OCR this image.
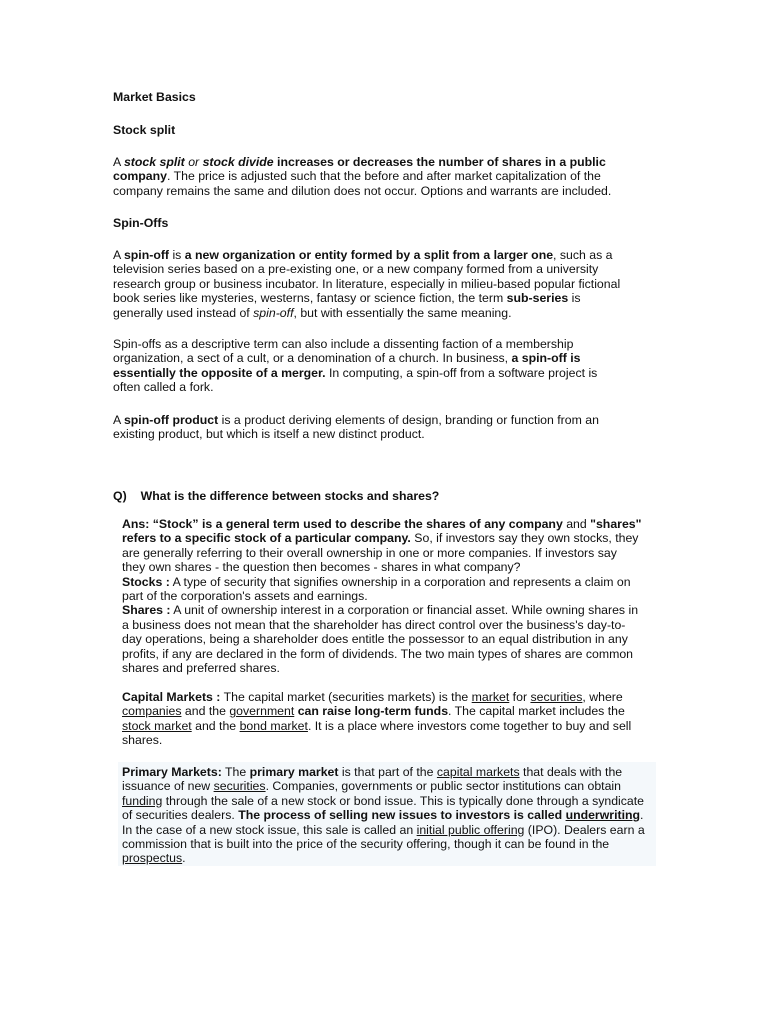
Market Basics
Stock split

A stock split or stock divide increases or decreases the number of shares in a public company. The price is adjusted such that the before and after market capitalization of the company remains the same and dilution does not occur. Options and warrants are included.

Spin-Offs

A spin-off is a new organization or entity formed by a split from a larger one, such as a television series based on a pre-existing one, or a new company formed from a university research group or business incubator. In literature, especially in milieu-based popular fictional book series like mysteries, westerns, fantasy or science fiction, the term sub-series is generally used instead of spin-off, but with essentially the same meaning.

Spin-offs as a descriptive term can also include a dissenting faction of a membership organization, a sect of a cult, or a denomination of a church. In business, a spin-off is essentially the opposite of a merger. In computing, a spin-off from a software project is often called a fork.

A spin-off product is a product deriving elements of design, branding or function from an existing product, but which is itself a new distinct product.

Q) What is the difference between stocks and shares?
Ans: “Stock” is a general term used to describe the shares of any company and "shares" refers to a specific stock of a particular company. So, if investors say they own stocks, they are generally referring to their overall ownership in one or more companies. If investors say they own shares - the question then becomes - shares in what company?
Stocks : A type of security that signifies ownership in a corporation and represents a claim on part of the corporation's assets and earnings.
Shares : A unit of ownership interest in a corporation or financial asset. While owning shares in a business does not mean that the shareholder has direct control over the business's day-to-day operations, being a shareholder does entitle the possessor to an equal distribution in any profits, if any are declared in the form of dividends. The two main types of shares are common shares and preferred shares.

Capital Markets : The capital market (securities markets) is the market for securities, where companies and the government can raise long-term funds. The capital market includes the stock market and the bond market. It is a place where investors come together to buy and sell shares.

Primary Markets: The primary market is that part of the capital markets that deals with the issuance of new securities. Companies, governments or public sector institutions can obtain funding through the sale of a new stock or bond issue. This is typically done through a syndicate of securities dealers. The process of selling new issues to investors is called underwriting. In the case of a new stock issue, this sale is called an initial public offering (IPO). Dealers earn a commission that is built into the price of the security offering, though it can be found in the prospectus.
